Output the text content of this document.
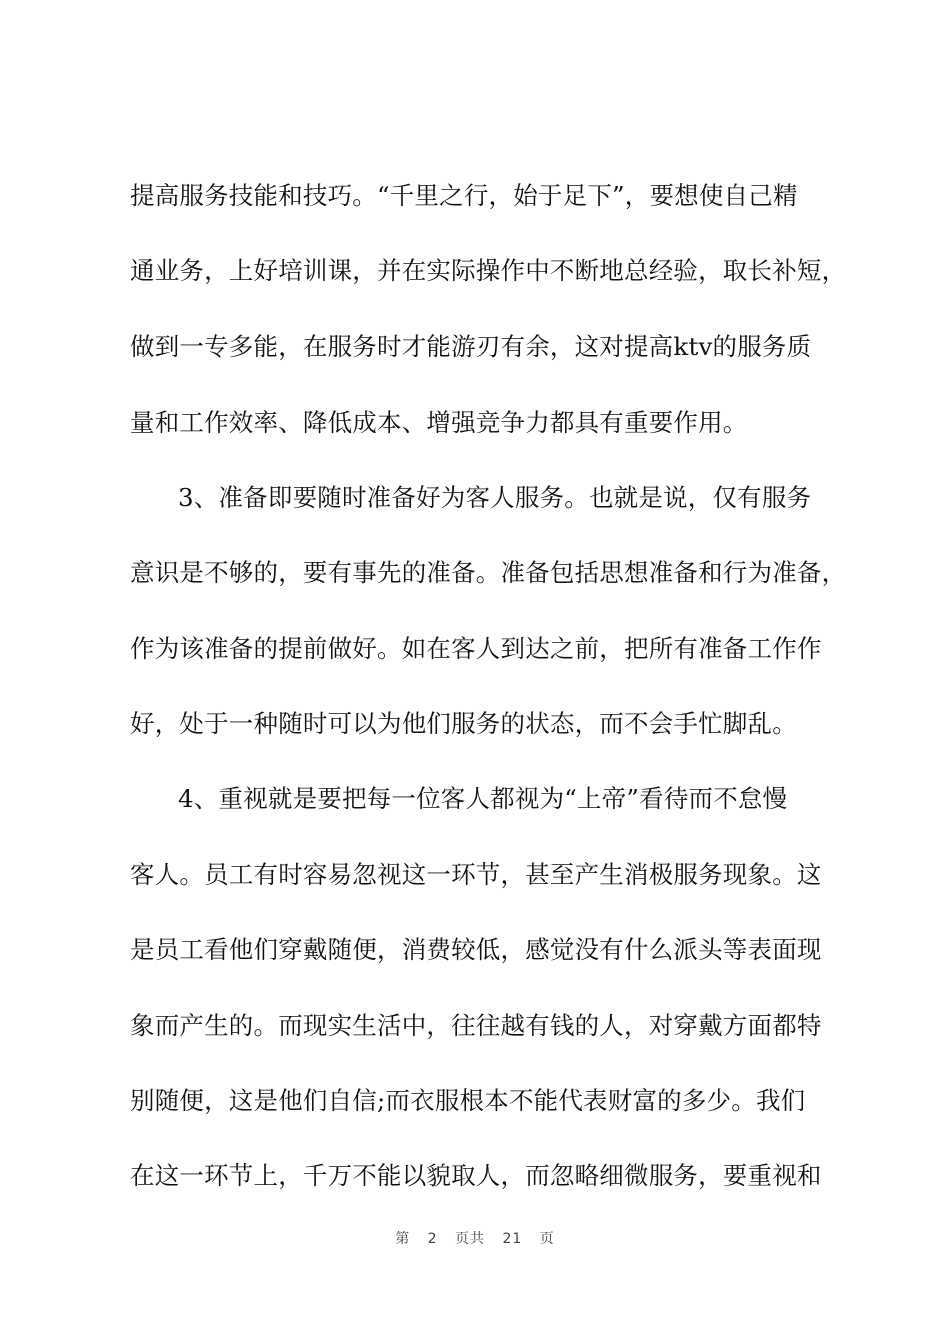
提高服务技能和技巧。“千里之行，始于足下”，要想使自己精
通业务，上好培训课，并在实际操作中不断地总经验，取长补短，
做到一专多能，在服务时才能游刃有余，这对提高ktv的服务质
量和工作效率、降低成本、增强竞争力都具有重要作用。
3、准备即要随时准备好为客人服务。也就是说，仅有服务
意识是不够的，要有事先的准备。准备包括思想准备和行为准备，
作为该准备的提前做好。如在客人到达之前，把所有准备工作作
好，处于一种随时可以为他们服务的状态，而不会手忙脚乱。
4、重视就是要把每一位客人都视为“上帝”看待而不怠慢
客人。员工有时容易忽视这一环节，甚至产生消极服务现象。这
是员工看他们穿戴随便，消费较低，感觉没有什么派头等表面现
象而产生的。而现实生活中，往往越有钱的人，对穿戴方面都特
别随便，这是他们自信;而衣服根本不能代表财富的多少。我们
在这一环节上，千万不能以貌取人，而忽略细微服务，要重视和
第 2 页共 21 页
